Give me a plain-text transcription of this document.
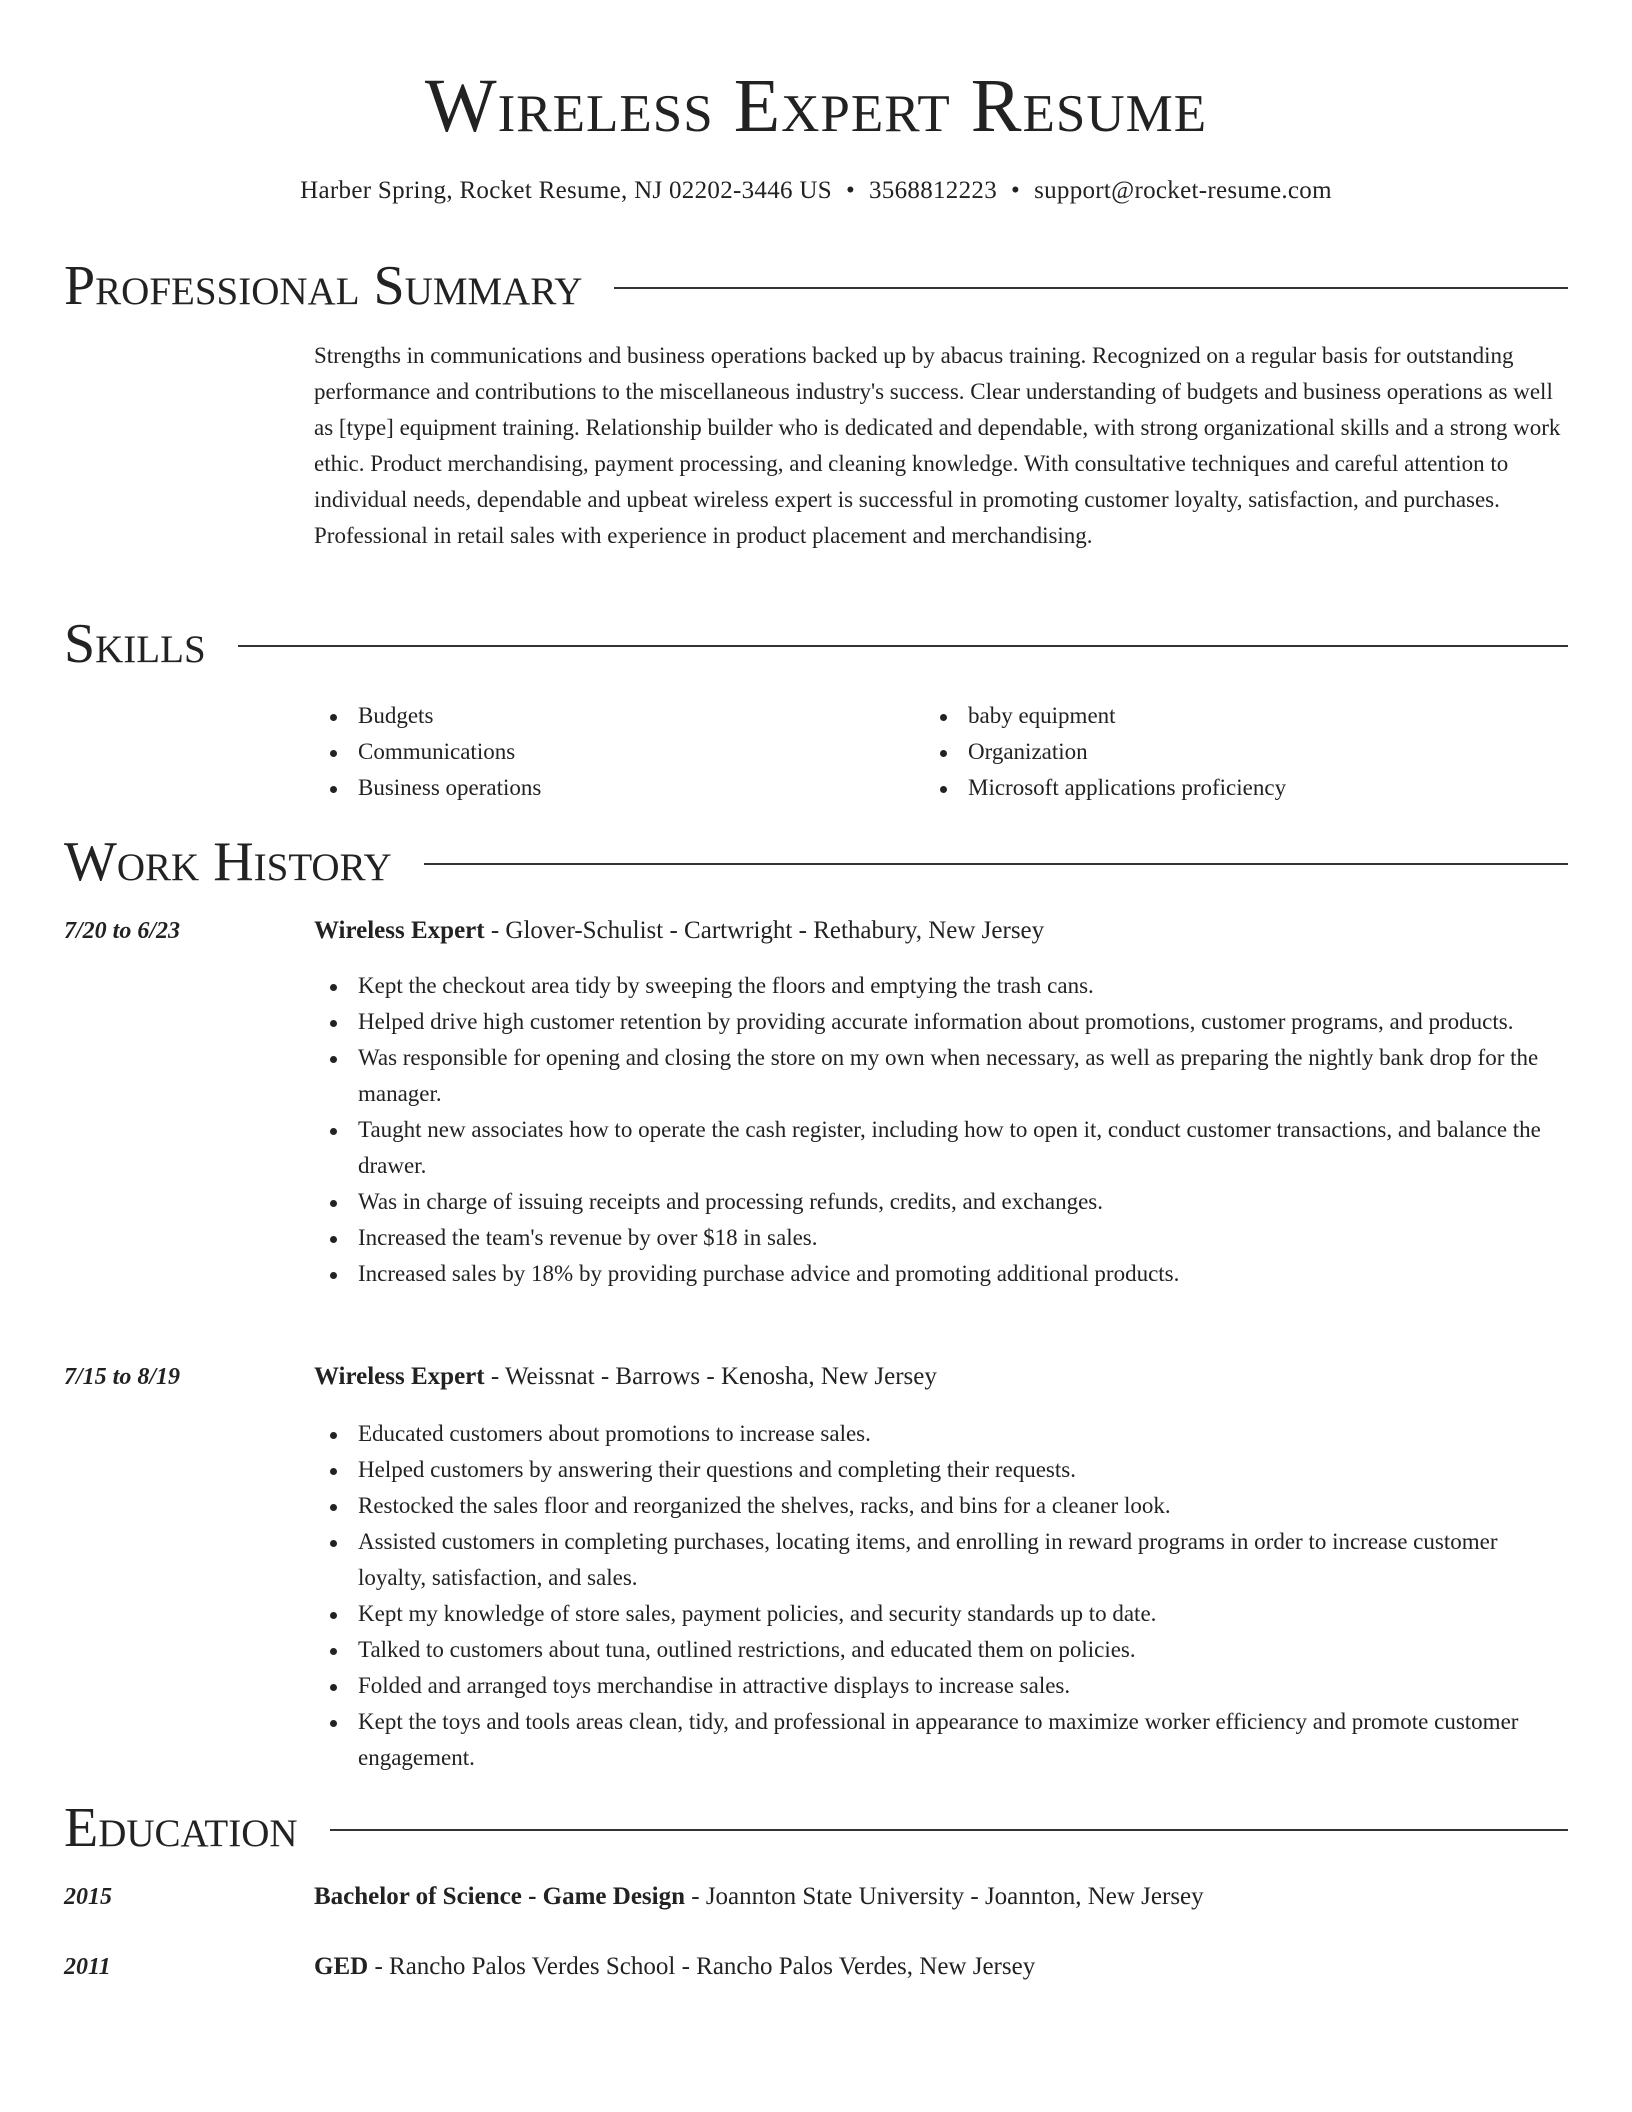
Wireless Expert Resume
Harber Spring, Rocket Resume, NJ 02202-3446 US • 3568812223 • support@rocket-resume.com
Professional Summary

Strengths in communications and business operations backed up by abacus training. Recognized on a regular basis for outstanding performance and contributions to the miscellaneous industry's success. Clear understanding of budgets and business operations as well as [type] equipment training. Relationship builder who is dedicated and dependable, with strong organizational skills and a strong work ethic. Product merchandising, payment processing, and cleaning knowledge. With consultative techniques and careful attention to individual needs, dependable and upbeat wireless expert is successful in promoting customer loyalty, satisfaction, and purchases. Professional in retail sales with experience in product placement and merchandising.

Skills
Budgets
Communications
Business operations
baby equipment
Organization
Microsoft applications proficiency
Work History
7/20 to 6/23	Wireless Expert - Glover-Schulist - Cartwright - Rethabury, New Jersey
Kept the checkout area tidy by sweeping the floors and emptying the trash cans.
Helped drive high customer retention by providing accurate information about promotions, customer programs, and products.
Was responsible for opening and closing the store on my own when necessary, as well as preparing the nightly bank drop for the manager.
Taught new associates how to operate the cash register, including how to open it, conduct customer transactions, and balance the drawer.
Was in charge of issuing receipts and processing refunds, credits, and exchanges.
Increased the team's revenue by over $18 in sales.
Increased sales by 18% by providing purchase advice and promoting additional products.
7/15 to 8/19	Wireless Expert - Weissnat - Barrows - Kenosha, New Jersey
Educated customers about promotions to increase sales.
Helped customers by answering their questions and completing their requests.
Restocked the sales floor and reorganized the shelves, racks, and bins for a cleaner look.
Assisted customers in completing purchases, locating items, and enrolling in reward programs in order to increase customer loyalty, satisfaction, and sales.
Kept my knowledge of store sales, payment policies, and security standards up to date.
Talked to customers about tuna, outlined restrictions, and educated them on policies.
Folded and arranged toys merchandise in attractive displays to increase sales.
Kept the toys and tools areas clean, tidy, and professional in appearance to maximize worker efficiency and promote customer engagement.
Education
2015	Bachelor of Science - Game Design - Joannton State University - Joannton, New Jersey
2011	GED - Rancho Palos Verdes School - Rancho Palos Verdes, New Jersey
